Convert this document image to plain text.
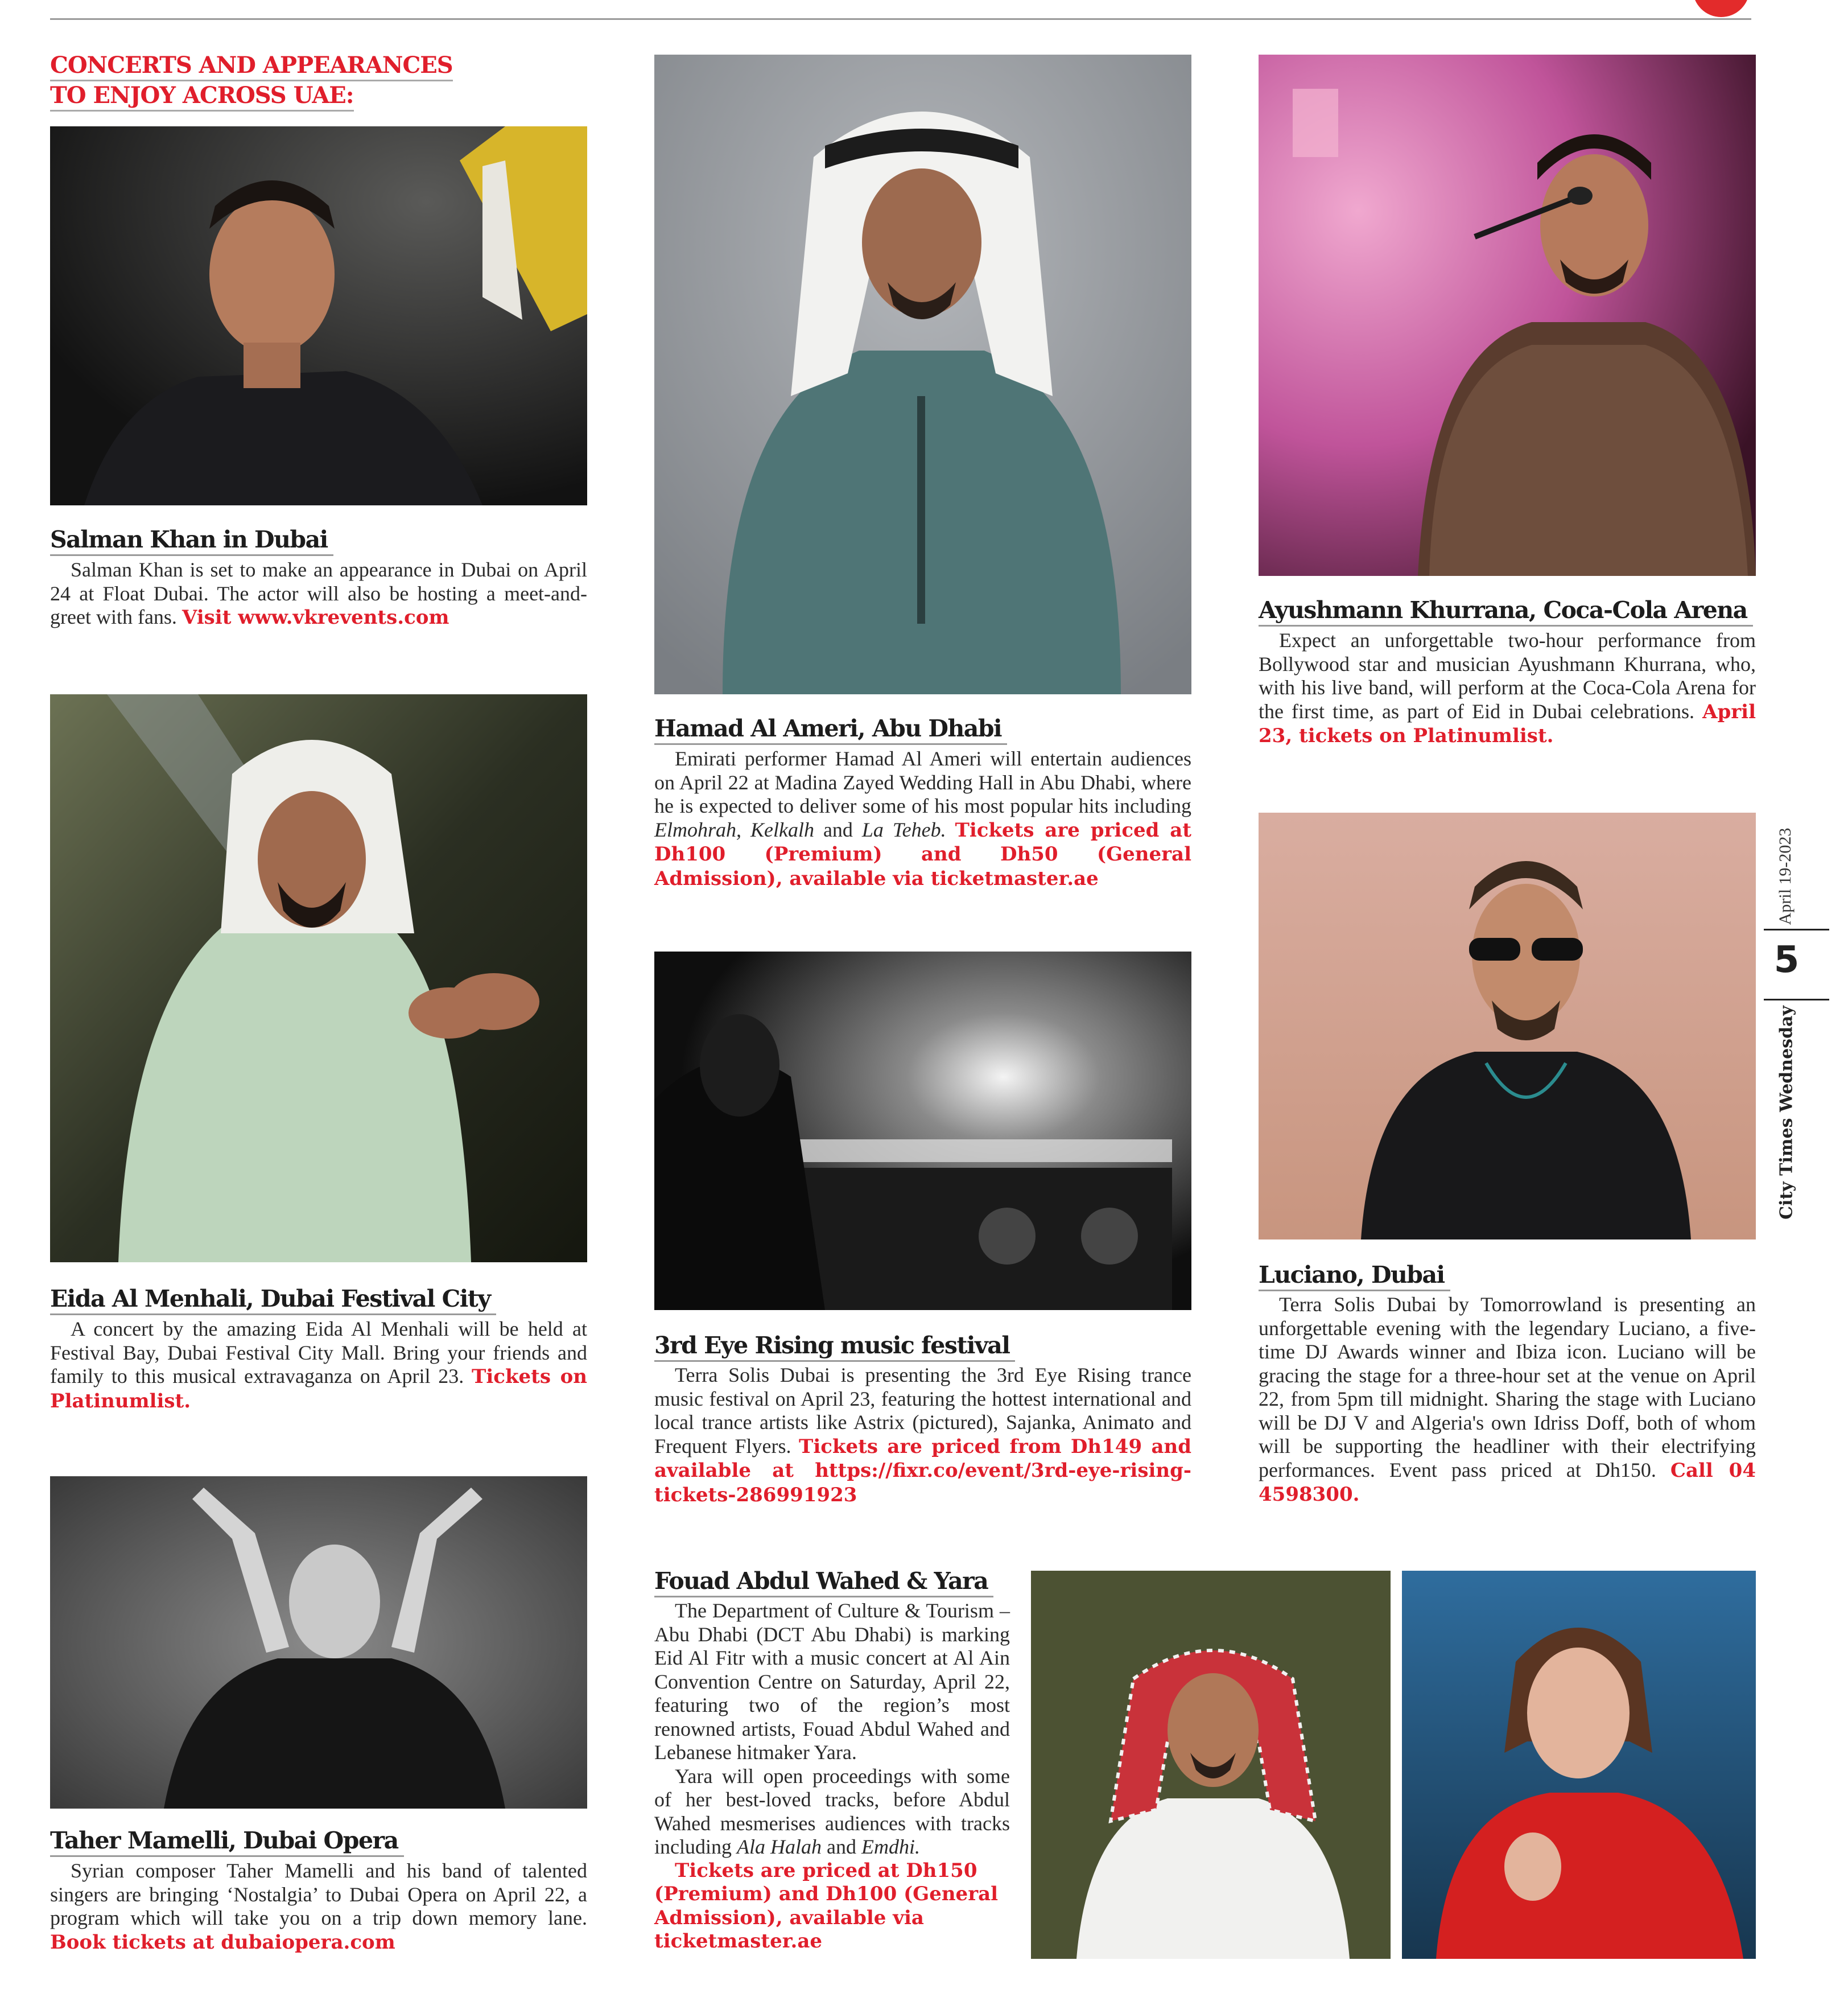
CONCERTS AND APPEARANCES
TO ENJOY ACROSS UAE:
Salman Khan in Dubai
Salman Khan is set to make an appearance in Dubai on April 24 at Float Dubai. The actor will also be hosting a meet-and-greet with fans. Visit www.vkrevents.com
Eida Al Menhali, Dubai Festival City
A concert by the amazing Eida Al Menhali will be held at Festival Bay, Dubai Festival City Mall. Bring your friends and family to this musical extravaganza on April 23. Tickets on Platinumlist.
Taher Mamelli, Dubai Opera
Syrian composer Taher Mamelli and his band of talented singers are bringing ‘Nostalgia’ to Dubai Opera on April 22, a program which will take you on a trip down memory lane. Book tickets at dubaiopera.com
Hamad Al Ameri, Abu Dhabi
Emirati performer Hamad Al Ameri will entertain audiences on April 22 at Madina Zayed Wedding Hall in Abu Dhabi, where he is expected to deliver some of his most popular hits including Elmohrah, Kelkalh and La Teheb. Tickets are priced at Dh100 (Premium) and Dh50 (General Admission), available via ticketmaster.ae
3rd Eye Rising music festival
Terra Solis Dubai is presenting the 3rd Eye Rising trance music festival on April 23, featuring the hottest international and local trance artists like Astrix (pictured), Sajanka, Animato and Frequent Flyers. Tickets are priced from Dh149 and available at https://fixr.co/event/3rd-eye-rising-tickets-286991923
Fouad Abdul Wahed & Yara

The Department of Culture & Tourism – Abu Dhabi (DCT Abu Dhabi) is marking Eid Al Fitr with a music concert at Al Ain Convention Centre on Saturday, April 22, featuring two of the region’s most renowned artists, Fouad Abdul Wahed and Lebanese hitmaker Yara.

Yara will open proceedings with some of her best-loved tracks, before Abdul Wahed mesmerises audiences with tracks including Ala Halah and Emdhi.

Tickets are priced at Dh150 (Premium) and Dh100 (General Admission), available via ticketmaster.ae

Ayushmann Khurrana, Coca-Cola Arena
Expect an unforgettable two-hour performance from Bollywood star and musician Ayushmann Khurrana, who, with his live band, will perform at the Coca-Cola Arena for the first time, as part of Eid in Dubai celebrations. April 23, tickets on Platinumlist.
Luciano, Dubai
Terra Solis Dubai by Tomorrowland is presenting an unforgettable evening with the legendary Luciano, a five-time DJ Awards winner and Ibiza icon. Luciano will be gracing the stage for a three-hour set at the venue on April 22, from 5pm till midnight. Sharing the stage with Luciano will be DJ V and Algeria's own Idriss Doff, both of whom will be supporting the headliner with their electrifying performances. Event pass priced at Dh150. Call 04 4598300.
April 19-2023
5
City Times Wednesday
